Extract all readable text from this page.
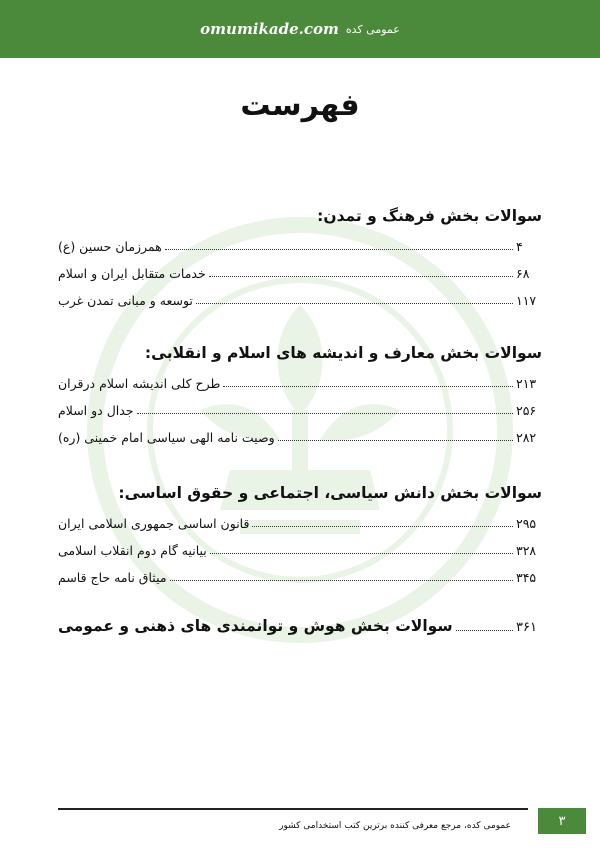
omumikade.com عمومی کده
فهرست
سوالات بخش فرهنگ و تمدن:
همرزمان حسین (ع)	۴
خدمات متقابل ایران و اسلام	۶۸
توسعه و مبانی تمدن غرب	۱۱۷
سوالات بخش معارف و اندیشه های اسلام و انقلابی:
طرح کلی اندیشه اسلام درقران	۲۱۳
جدال دو اسلام	۲۵۶
وصیت نامه الهی سیاسی امام خمینی (ره)	۲۸۲
سوالات بخش دانش سیاسی، اجتماعی و حقوق اساسی:
قانون اساسی جمهوری اسلامی ایران	۲۹۵
بیانیه گام دوم انقلاب اسلامی	۳۲۸
میثاق نامه حاج قاسم	۳۴۵
سوالات بخش هوش و توانمندی های ذهنی و عمومی	۳۶۱
عمومی کده، مرجع معرفی کننده برترین کتب استخدامی کشور	۳
